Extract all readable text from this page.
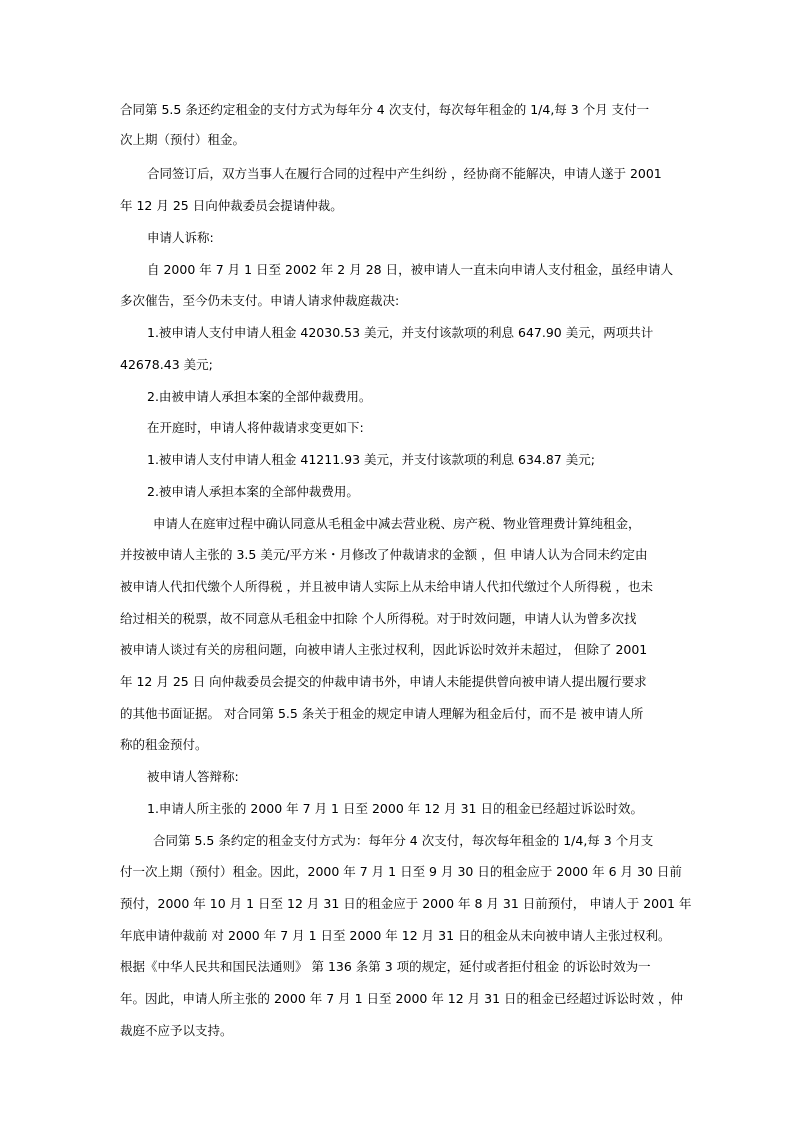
合同第 5.5 条还约定租金的支付方式为每年分 4 次支付，每次每年租金的 1/4,每 3 个月 支付一
次上期（预付）租金。
合同签订后，双方当事人在履行合同的过程中产生纠纷 ，经协商不能解决，申请人遂于 2001
年 12 月 25 日向仲裁委员会提请仲裁。
申请人诉称:
自 2000 年 7 月 1 日至 2002 年 2 月 28 日，被申请人一直未向申请人支付租金，虽经申请人
多次催告，至今仍未支付。申请人请求仲裁庭裁决:
1.被申请人支付申请人租金 42030.53 美元，并支付该款项的利息 647.90 美元，两项共计
42678.43 美元;
2.由被申请人承担本案的全部仲裁费用。
在开庭时，申请人将仲裁请求变更如下:
1.被申请人支付申请人租金 41211.93 美元，并支付该款项的利息 634.87 美元;
2.被申请人承担本案的全部仲裁费用。
申请人在庭审过程中确认同意从毛租金中减去营业税、房产税、物业管理费计算纯租金，
并按被申请人主张的 3.5 美元/平方米・月修改了仲裁请求的金额 ，但 申请人认为合同未约定由
被申请人代扣代缴个人所得税 ，并且被申请人实际上从未给申请人代扣代缴过个人所得税 ，也未
给过相关的税票，故不同意从毛租金中扣除 个人所得税。对于时效问题，申请人认为曾多次找
被申请人谈过有关的房租问题，向被申请人主张过权利，因此诉讼时效并未超过， 但除了 2001
年 12 月 25 日 向仲裁委员会提交的仲裁申请书外，申请人未能提供曾向被申请人提出履行要求
的其他书面证据。 对合同第 5.5 条关于租金的规定申请人理解为租金后付，而不是 被申请人所
称的租金预付。
被申请人答辩称:
1.申请人所主张的 2000 年 7 月 1 日至 2000 年 12 月 31 日的租金已经超过诉讼时效。
合同第 5.5 条约定的租金支付方式为：每年分 4 次支付，每次每年租金的 1/4,每 3 个月支
付一次上期（预付）租金。因此，2000 年 7 月 1 日至 9 月 30 日的租金应于 2000 年 6 月 30 日前
预付，2000 年 10 月 1 日至 12 月 31 日的租金应于 2000 年 8 月 31 日前预付， 申请人于 2001 年
年底申请仲裁前 对 2000 年 7 月 1 日至 2000 年 12 月 31 日的租金从未向被申请人主张过权利。
根据《中华人民共和国民法通则》 第 136 条第 3 项的规定，延付或者拒付租金 的诉讼时效为一
年。因此，申请人所主张的 2000 年 7 月 1 日至 2000 年 12 月 31 日的租金已经超过诉讼时效 ，仲
裁庭不应予以支持。
